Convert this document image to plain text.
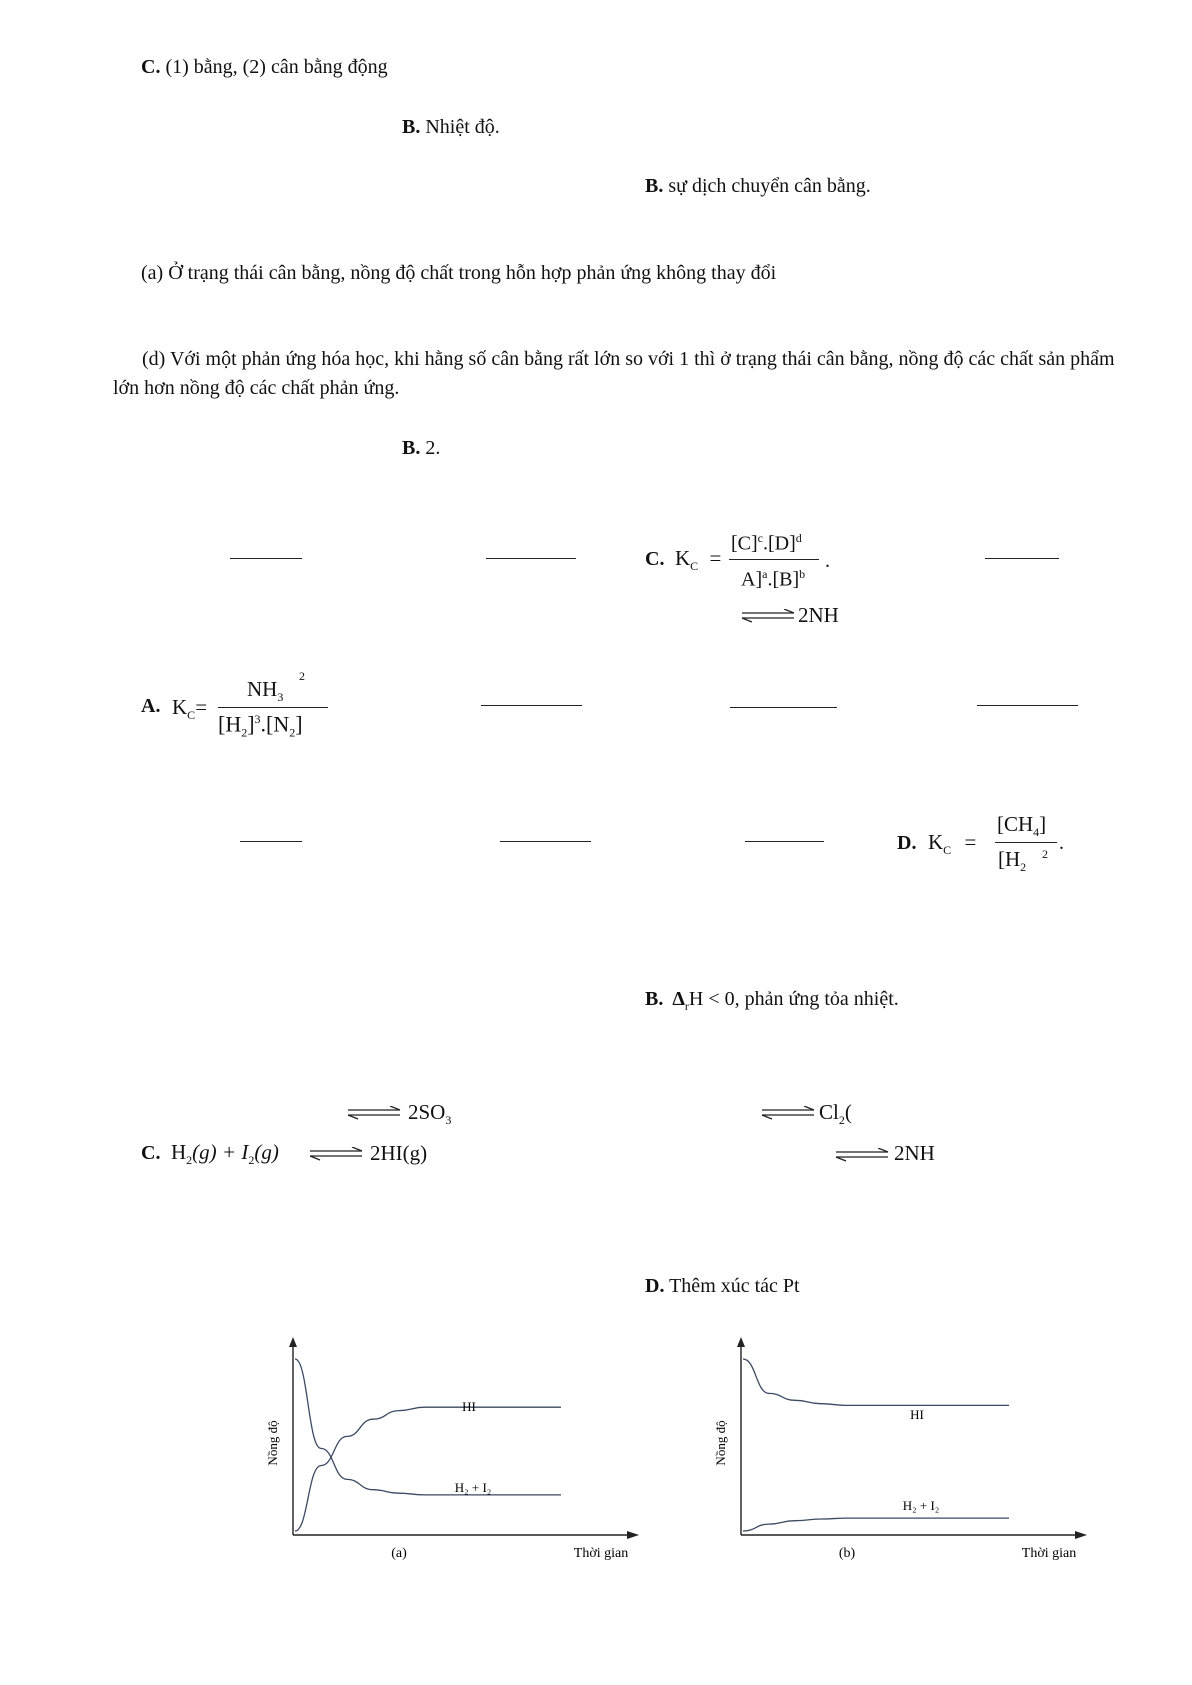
C. (1) bằng, (2) cân bằng động
B. Nhiệt độ.
B. sự dịch chuyển cân bằng.
(a) Ở trạng thái cân bằng, nồng độ chất trong hỗn hợp phản ứng không thay đổi
(d) Với một phản ứng hóa học, khi hằng số cân bằng rất lớn so với 1 thì ở trạng thái cân bằng, nồng độ các chất sản phẩm lớn hơn nồng độ các chất phản ứng.
B. 2.
C. $K_C$ =
$[C]^c.[D]^d$
$A]^a.[B]^b$
.
⇌ 2NH
A. $K_C=$
$NH_3$
2
$[H_2]^3.[N_2]$
D. $K_C$ =
$[CH_4]$
[$H_2$
2 .
B. $\Delta_rH < 0$, phản ứng tỏa nhiệt.
⇌ $2SO_3$
⇌ $Cl_2$(
C. $H_2(g) + I_2(g)$ ⇌ 2HI(g)	⇌ 2NH
D. Thêm xúc tác Pt
Nồng độ
Thời gian
(a)
HI
H₂ + I₂
Nồng độ
Thời gian
(b)
HI
H₂ + I₂
